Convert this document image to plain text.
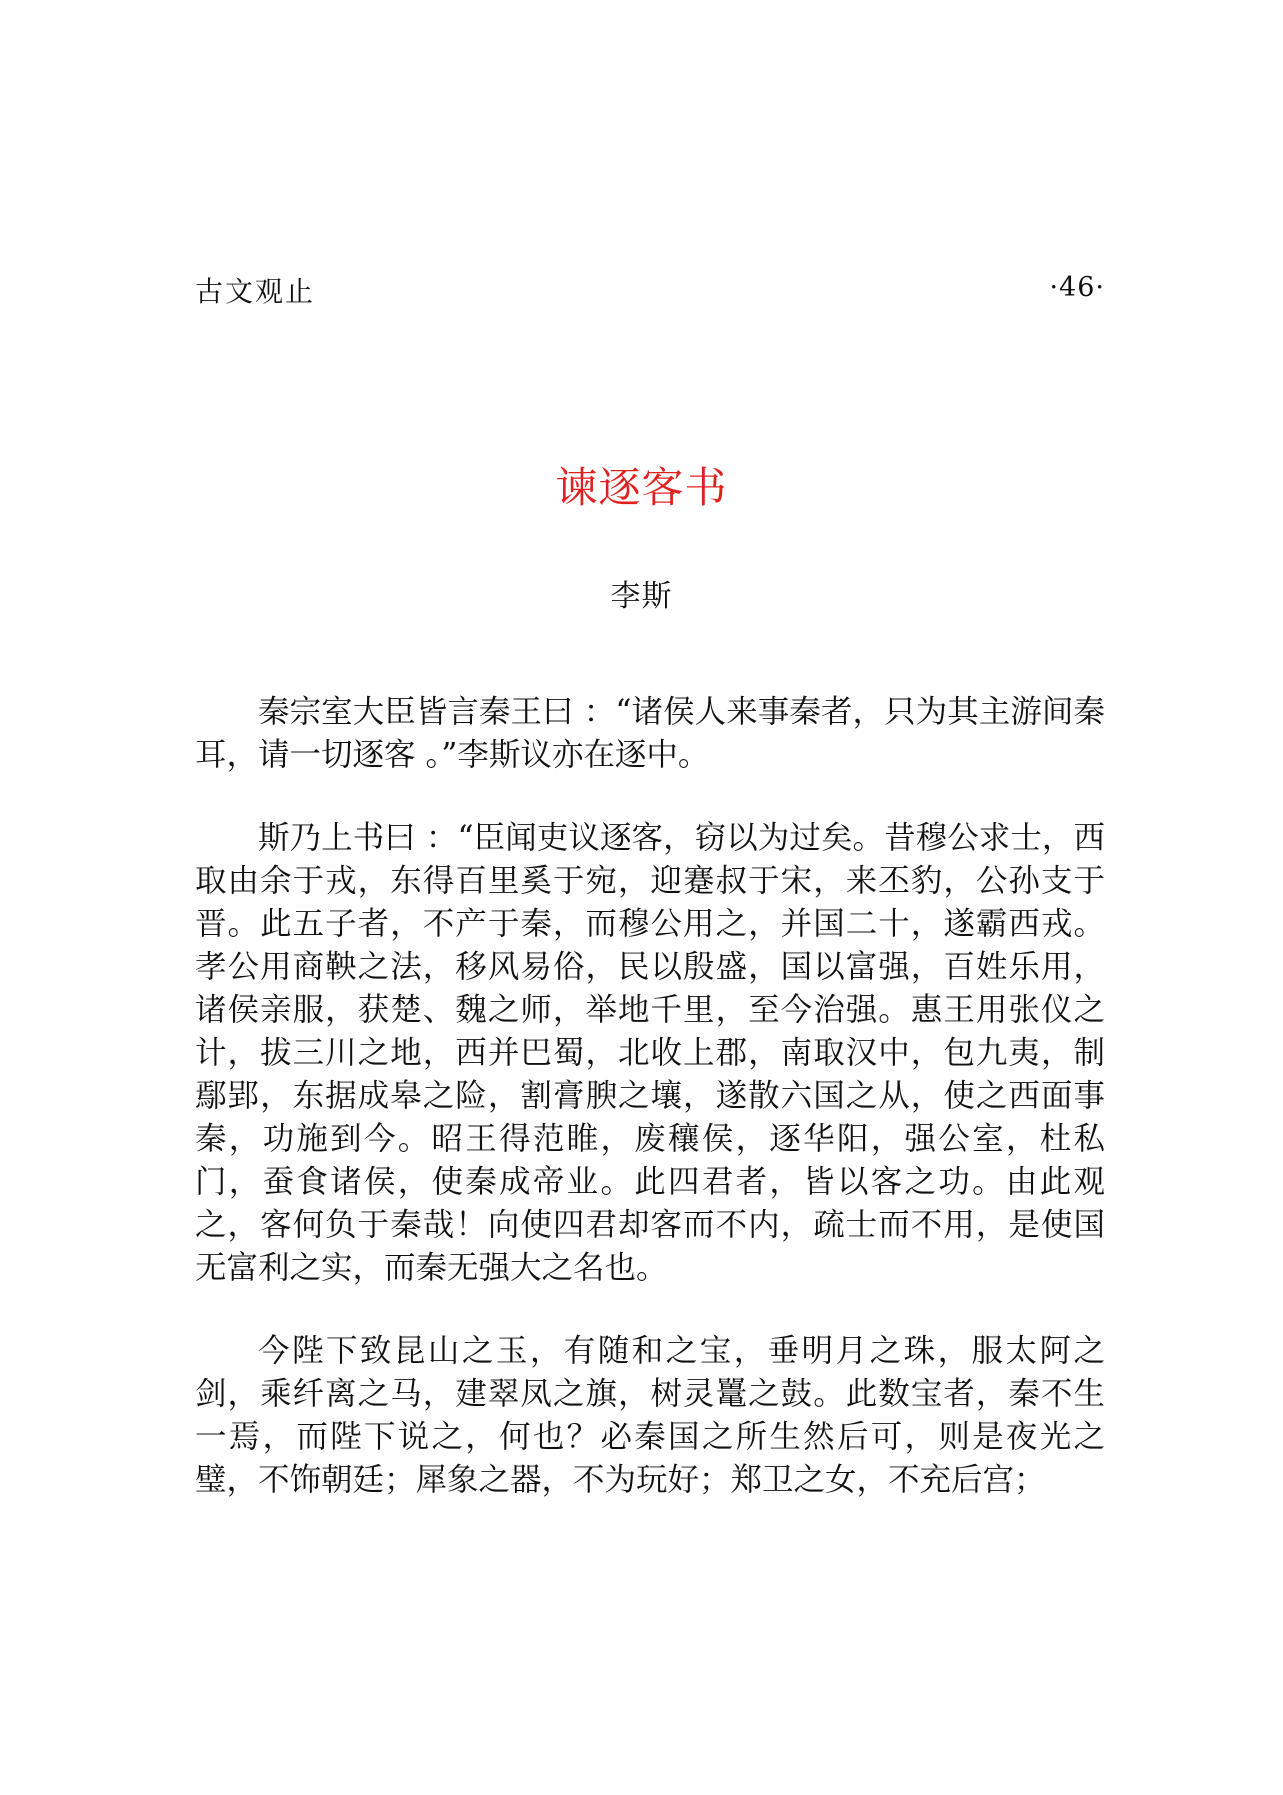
古文观止	·46·
谏逐客书
李斯

秦宗室大臣皆言秦王曰 ：“诸侯人来事秦者，只为其主游间秦耳，请一切逐客 。”李斯议亦在逐中。

斯乃上书曰 ：“臣闻吏议逐客，窃以为过矣。昔穆公求士，西取由余于戎，东得百里奚于宛，迎蹇叔于宋，来丕豹，公孙支于晋。此五子者，不产于秦，而穆公用之，并国二十，遂霸西戎。孝公用商鞅之法，移风易俗，民以殷盛，国以富强，百姓乐用，诸侯亲服，获楚、魏之师，举地千里，至今治强。惠王用张仪之计，拔三川之地，西并巴蜀，北收上郡，南取汉中，包九夷，制鄢郢，东据成皋之险，割膏腴之壤，遂散六国之从，使之西面事秦，功施到今。昭王得范睢，废穰侯，逐华阳，强公室，杜私门，蚕食诸侯，使秦成帝业。此四君者，皆以客之功。由此观之，客何负于秦哉！向使四君却客而不内，疏士而不用，是使国无富利之实，而秦无强大之名也。

今陛下致昆山之玉，有随和之宝，垂明月之珠，服太阿之剑，乘纤离之马，建翠凤之旗，树灵鼍之鼓。此数宝者，秦不生一焉，而陛下说之，何也？必秦国之所生然后可，则是夜光之璧，不饰朝廷；犀象之器，不为玩好；郑卫之女，不充后宫；
